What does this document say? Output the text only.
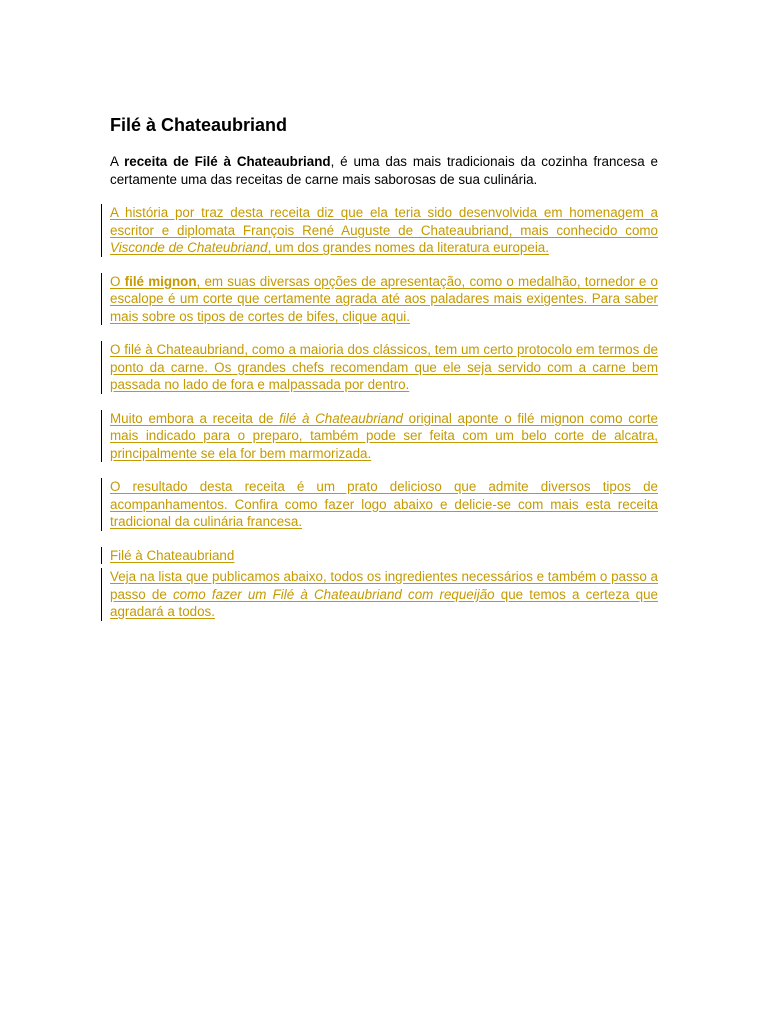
Filé à Chateaubriand

A receita de Filé à Chateaubriand, é uma das mais tradicionais da cozinha francesa e certamente uma das receitas de carne mais saborosas de sua culinária.

A história por traz desta receita diz que ela teria sido desenvolvida em homenagem a escritor e diplomata François René Auguste de Chateaubriand, mais conhecido como Visconde de Chateubriand, um dos grandes nomes da literatura europeia.

O filé mignon, em suas diversas opções de apresentação, como o medalhão, tornedor e o escalope é um corte que certamente agrada até aos paladares mais exigentes. Para saber mais sobre os tipos de cortes de bifes, clique aqui.

O filé à Chateaubriand, como a maioria dos clássicos, tem um certo protocolo em termos de ponto da carne. Os grandes chefs recomendam que ele seja servido com a carne bem passada no lado de fora e malpassada por dentro.

Muito embora a receita de filé à Chateaubriand original aponte o filé mignon como corte mais indicado para o preparo, também pode ser feita com um belo corte de alcatra, principalmente se ela for bem marmorizada.

O resultado desta receita é um prato delicioso que admite diversos tipos de acompanhamentos. Confira como fazer logo abaixo e delicie-se com mais esta receita tradicional da culinária francesa.

Filé à Chateaubriand

Veja na lista que publicamos abaixo, todos os ingredientes necessários e também o passo a passo de como fazer um Filé à Chateaubriand com requeijão que temos a certeza que agradará a todos.
